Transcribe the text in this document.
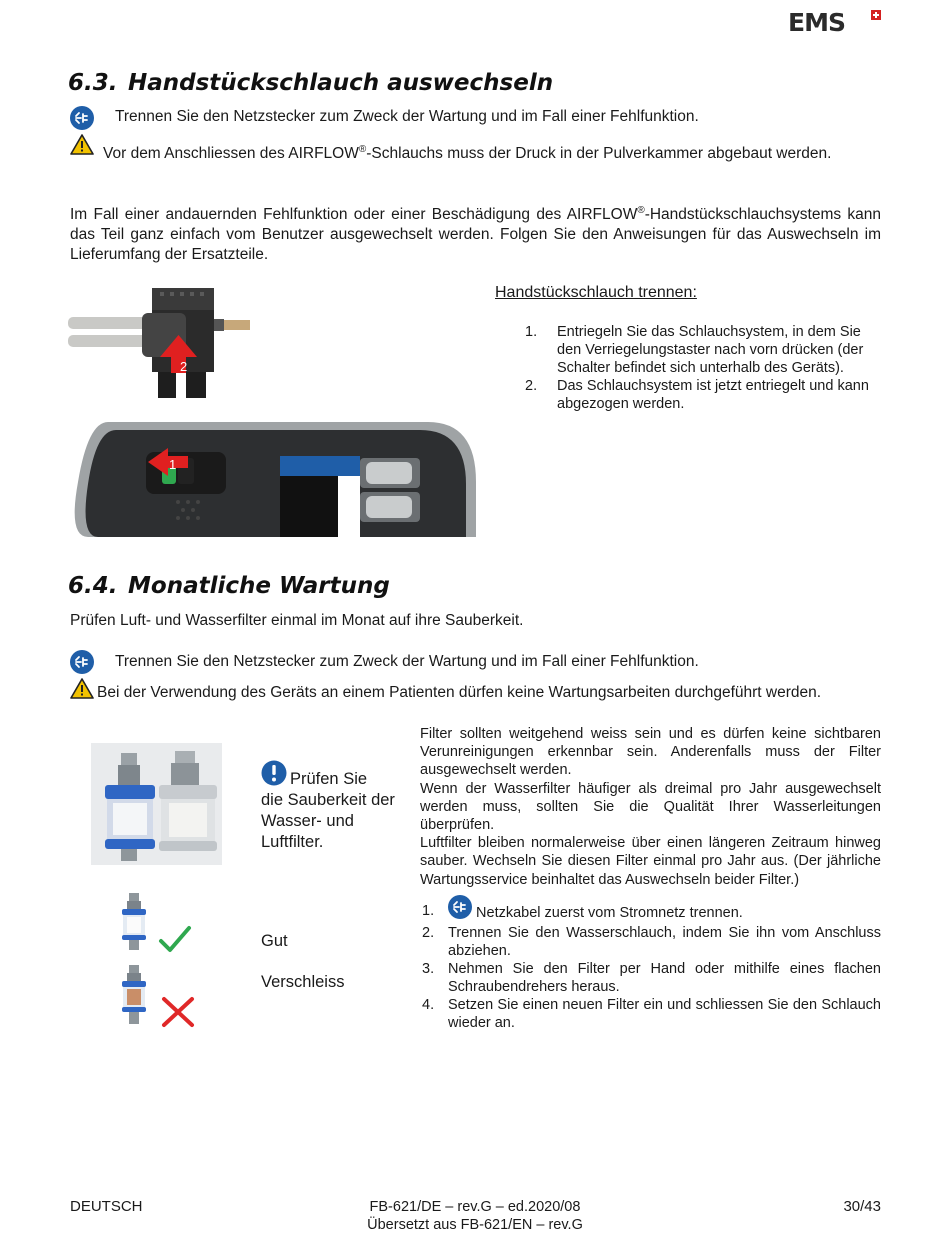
EMS
6.3. Handstückschlauch auswechseln
Trennen Sie den Netzstecker zum Zweck der Wartung und im Fall einer Fehlfunktion.
Vor dem Anschliessen des AIRFLOW®-Schlauchs muss der Druck in der Pulverkammer abgebaut werden.
Im Fall einer andauernden Fehlfunktion oder einer Beschädigung des AIRFLOW®-Handstückschlauchsystems kann das Teil ganz einfach vom Benutzer ausgewechselt werden. Folgen Sie den Anweisungen für das Auswechseln im Lieferumfang der Ersatzteile.
2
1
Handstückschlauch trennen:
1. Entriegeln Sie das Schlauchsystem, in dem Sie den Verriegelungstaster nach vorn drücken (der Schalter befindet sich unterhalb des Geräts).
2. Das Schlauchsystem ist jetzt entriegelt und kann abgezogen werden.
6.4. Monatliche Wartung
Prüfen Luft- und Wasserfilter einmal im Monat auf ihre Sauberkeit.
Trennen Sie den Netzstecker zum Zweck der Wartung und im Fall einer Fehlfunktion.
Bei der Verwendung des Geräts an einem Patienten dürfen keine Wartungsarbeiten durchgeführt werden.
Prüfen Sie
die Sauberkeit der Wasser- und Luftfilter.
Gut
Verschleiss
Filter sollten weitgehend weiss sein und es dürfen keine sichtbaren Verunreinigungen erkennbar sein. Anderenfalls muss der Filter ausgewechselt werden.
Wenn der Wasserfilter häufiger als dreimal pro Jahr ausgewechselt werden muss, sollten Sie die Qualität Ihrer Wasserleitungen überprüfen.
Luftfilter bleiben normalerweise über einen längeren Zeitraum hinweg sauber. Wechseln Sie diesen Filter einmal pro Jahr aus. (Der jährliche Wartungsservice beinhaltet das Auswechseln beider Filter.)
1.	Netzkabel zuerst vom Stromnetz trennen.
2. Trennen Sie den Wasserschlauch, indem Sie ihn vom Anschluss abziehen.
3. Nehmen Sie den Filter per Hand oder mithilfe eines flachen Schraubendrehers heraus.
4. Setzen Sie einen neuen Filter ein und schliessen Sie den Schlauch wieder an.
DEUTSCH	FB-621/DE – rev.G – ed.2020/08
Übersetzt aus FB-621/EN – rev.G
30/43
